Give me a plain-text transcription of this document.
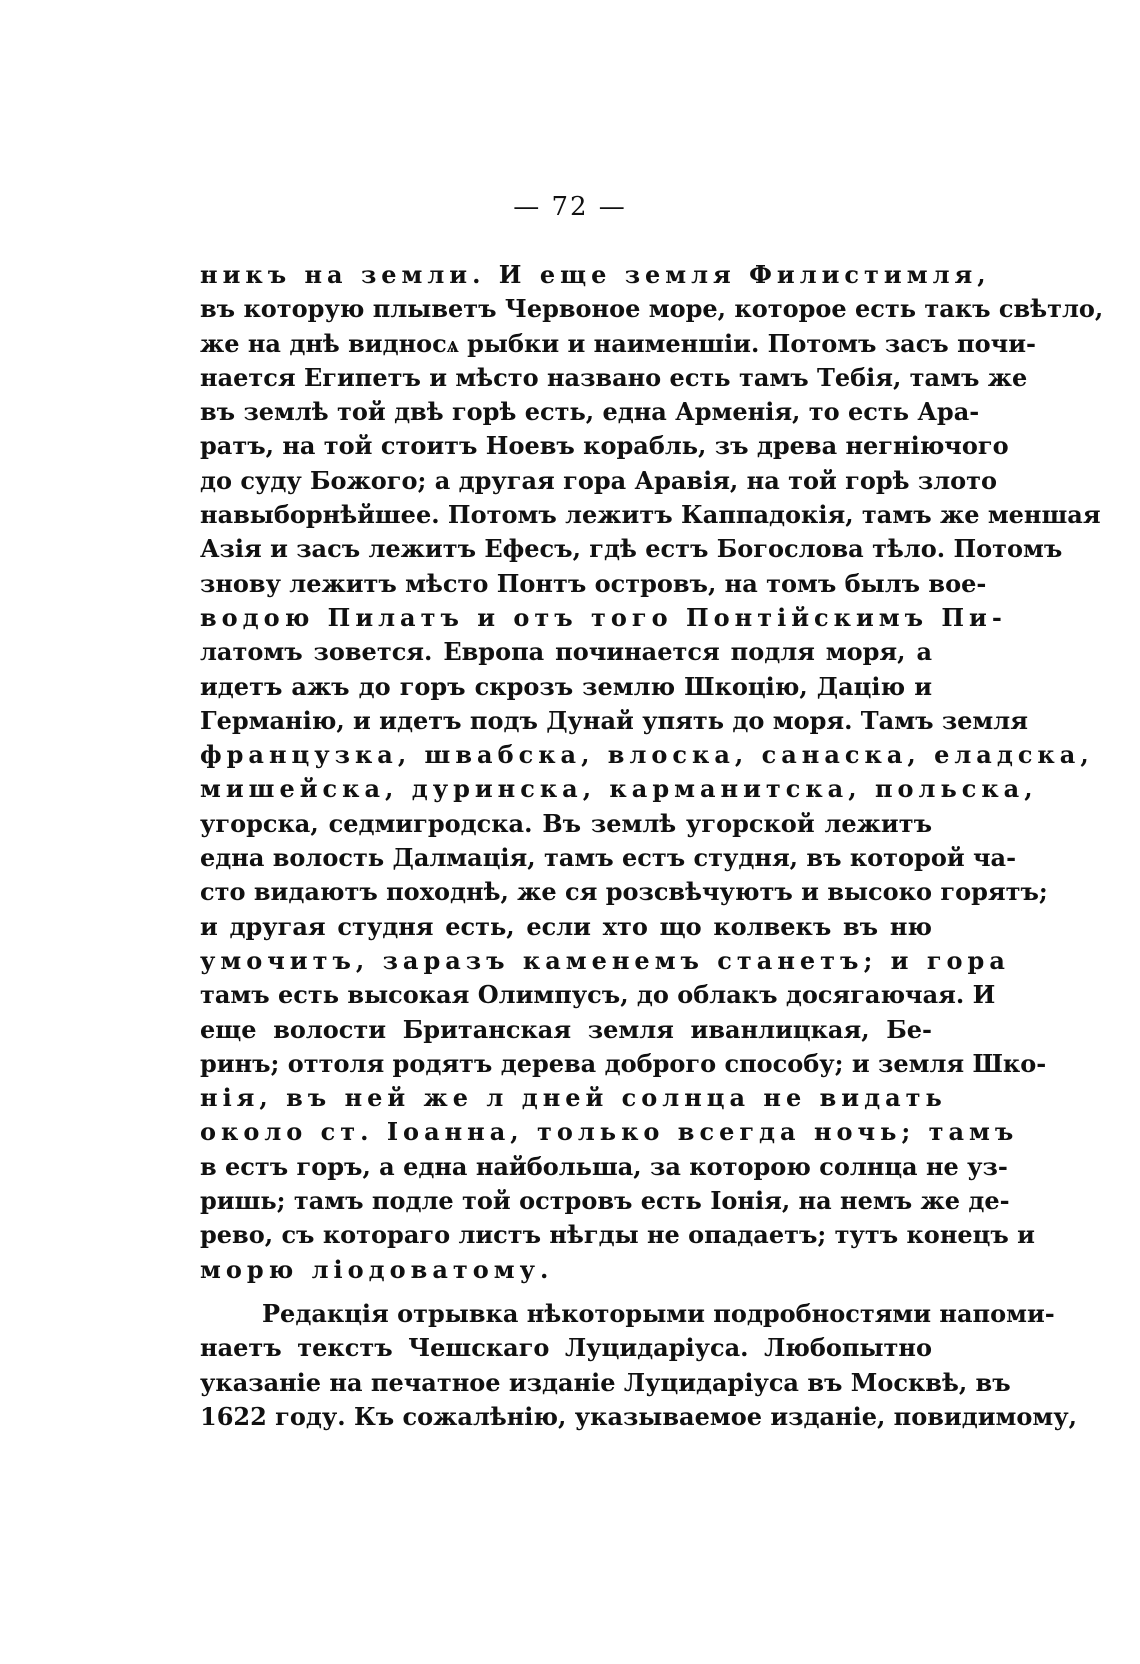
— 72 —
никъ на земли. И еще земля Филистимля,
въ которую плыветъ Червоное море, которое есть такъ свѣтло,
же на днѣ видносѧ рыбки и наименшіи. Потомъ засъ почи-
нается Египетъ и мѣсто названо есть тамъ Тебія, тамъ же
въ землѣ той двѣ горѣ есть, една Арменія, то есть Ара-
ратъ, на той стоитъ Ноевъ корабль, зъ древа негніючого
до суду Божого; а другая гора Аравія, на той горѣ злото
навыборнѣйшее. Потомъ лежитъ Каппадокія, тамъ же меншая
Азія и засъ лежитъ Ефесъ, гдѣ естъ Богослова тѣло. Потомъ
знову лежитъ мѣсто Понтъ островъ, на томъ былъ вое-
водою Пилатъ и отъ того Понтійскимъ Пи-
латомъ зовется. Европа починается подля моря, а
идетъ ажъ до горъ скрозъ землю Шкоцію, Дацію и
Германію, и идетъ подъ Дунай упять до моря. Тамъ земля
французка, швабска, влоска, санаска, еладска,
мишейска, дуринска, карманитска, польска,
угорска, седмигродска. Въ землѣ угорской лежитъ
една волость Далмація, тамъ естъ студня, въ которой ча-
сто видаютъ походнѣ, же ся розсвѣчуютъ и высоко горятъ;
и другая студня есть, если хто що колвекъ въ ню
умочитъ, заразъ каменемъ станетъ; и гора
тамъ есть высокая Олимпусъ, до облакъ досягаючая. И
еще волости Британская земля иванлицкая, Бе-
ринъ; оттоля родятъ дерева доброго способу; и земля Шко-
нія, въ ней же л дней солнца не видать
около ст. Іоанна, только всегда ночь; тамъ
в естъ горъ, а една найбольша, за которою солнца не уз-
ришь; тамъ подле той островъ есть Іонія, на немъ же де-
рево, съ котораго листъ нѣгды не опадаетъ; тутъ конецъ и
морю ліодоватому.
Редакція отрывка нѣкоторыми подробностями напоми-
наетъ текстъ Чешскаго Луцидаріуса. Любопытно
указаніе на печатное изданіе Луцидаріуса въ Москвѣ, въ
1622 году. Къ сожалѣнію, указываемое изданіе, повидимому,
